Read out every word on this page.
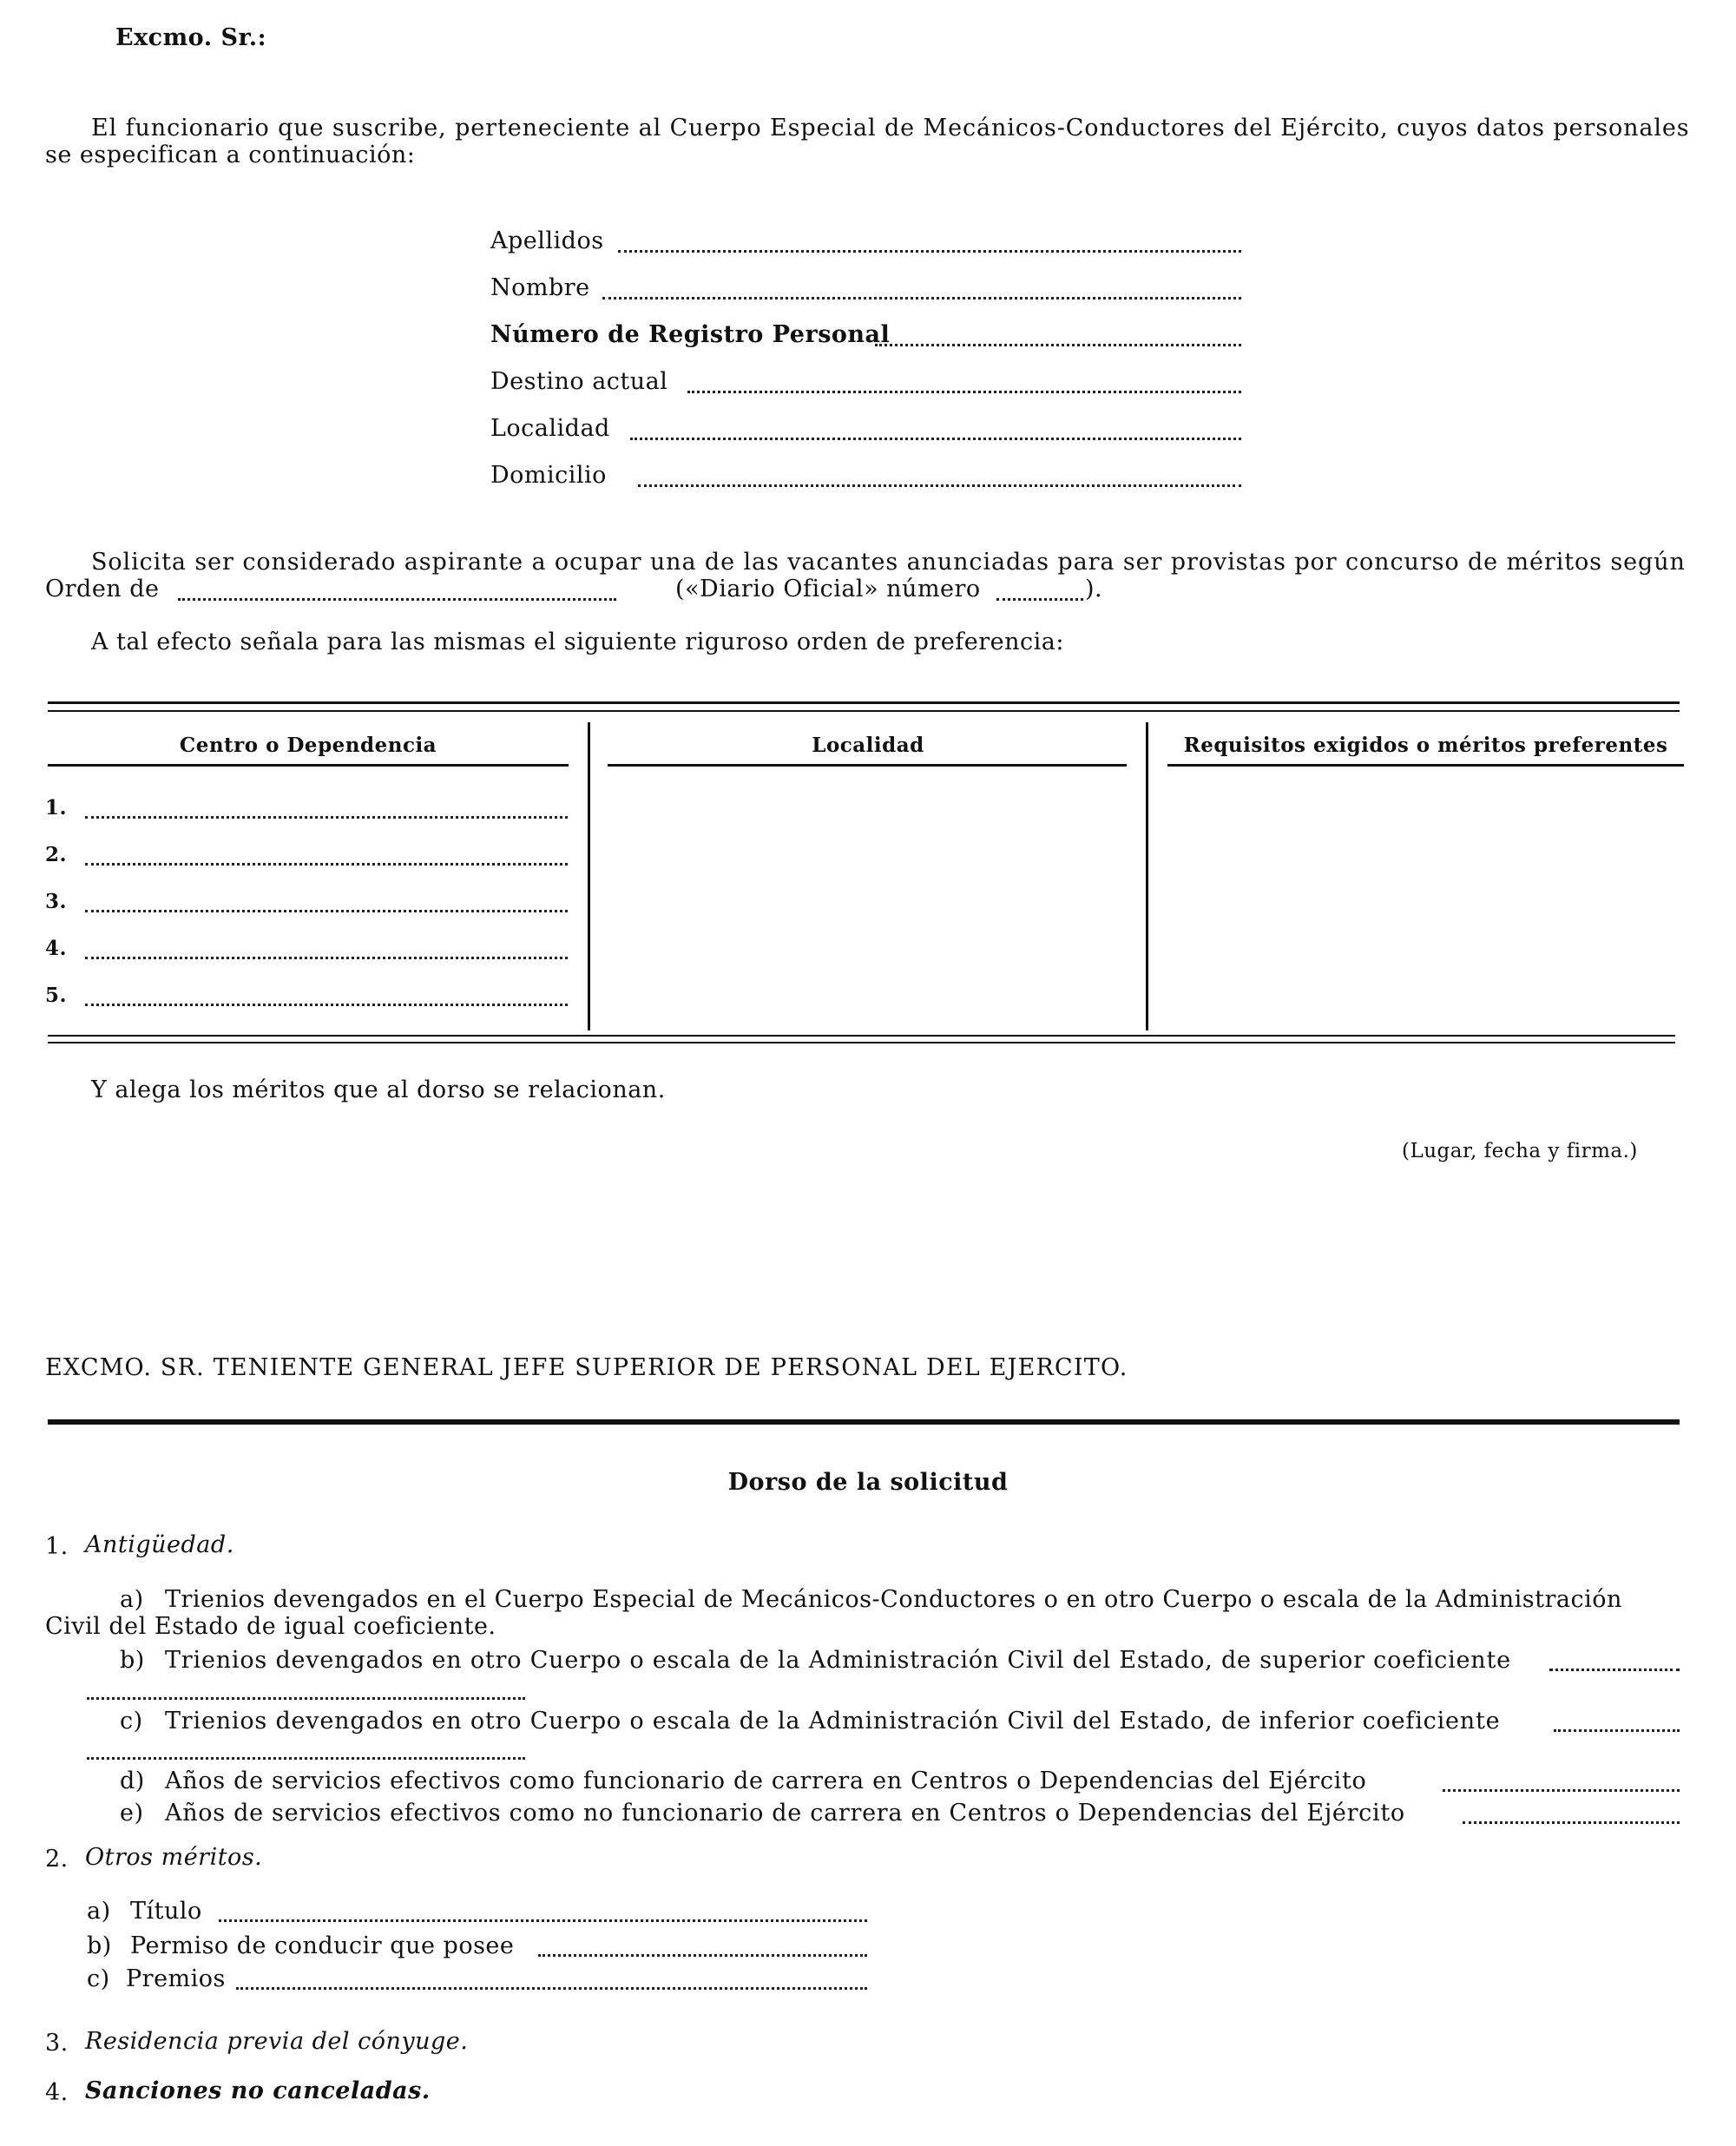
Excmo. Sr.:
El funcionario que suscribe, perteneciente al Cuerpo Especial de Mecánicos-Conductores del Ejército, cuyos datos personales
se especifican a continuación:
Apellidos
Nombre
Número de Registro Personal
Destino actual
Localidad
Domicilio
Solicita ser considerado aspirante a ocupar una de las vacantes anunciadas para ser provistas por concurso de méritos según
Orden de	(«Diario Oficial» número	).
A tal efecto señala para las mismas el siguiente riguroso orden de preferencia:
Centro o Dependencia	Localidad	Requisitos exigidos o méritos preferentes
1.
2.
3.
4.
5.
Y alega los méritos que al dorso se relacionan.
(Lugar, fecha y firma.)
EXCMO. SR. TENIENTE GENERAL JEFE SUPERIOR DE PERSONAL DEL EJERCITO.
Dorso de la solicitud
1. Antigüedad.
a) Trienios devengados en el Cuerpo Especial de Mecánicos-Conductores o en otro Cuerpo o escala de la Administración
Civil del Estado de igual coeficiente.
b) Trienios devengados en otro Cuerpo o escala de la Administración Civil del Estado, de superior coeficiente
c) Trienios devengados en otro Cuerpo o escala de la Administración Civil del Estado, de inferior coeficiente
d) Años de servicios efectivos como funcionario de carrera en Centros o Dependencias del Ejército
e) Años de servicios efectivos como no funcionario de carrera en Centros o Dependencias del Ejército
2. Otros méritos.
a) Título
b) Permiso de conducir que posee
c) Premios
3. Residencia previa del cónyuge.
4. Sanciones no canceladas.
